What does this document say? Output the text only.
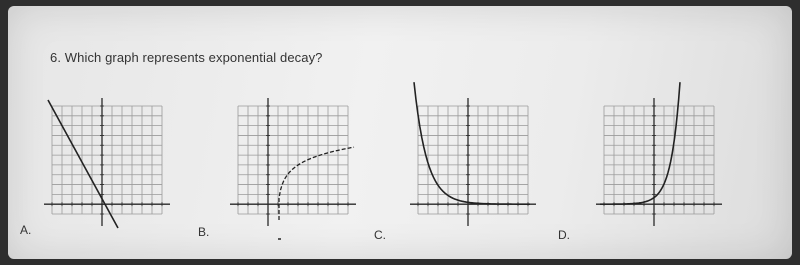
6. Which graph represents exponential decay?
A.	B.	C.	D.
